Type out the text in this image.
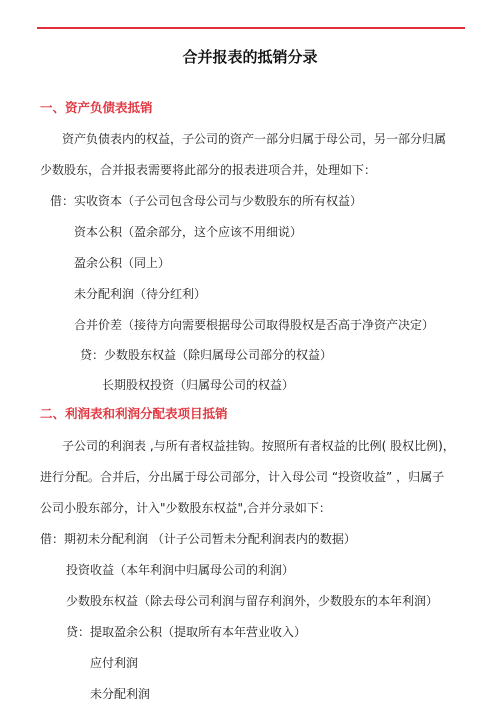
合并报表的抵销分录
一、资产负债表抵销
资产负债表内的权益，子公司的资产一部分归属于母公司，另一部分归属
少数股东，合并报表需要将此部分的报表进项合并，处理如下：
借：实收资本（子公司包含母公司与少数股东的所有权益）
资本公积（盈余部分，这个应该不用细说）
盈余公积（同上）
未分配利润（待分红利）
合并价差（接待方向需要根据母公司取得股权是否高于净资产决定）
贷：少数股东权益（除归属母公司部分的权益）
长期股权投资（归属母公司的权益）
二、利润表和利润分配表项目抵销
子公司的利润表 ,与所有者权益挂钩。按照所有者权益的比例( 股权比例)，
进行分配。合并后，分出属于母公司部分，计入母公司 “投资收益” ，归属子
公司小股东部分，计入"少数股东权益",合并分录如下：
借：期初未分配利润 （计子公司暂未分配利润表内的数据）
投资收益（本年利润中归属母公司的利润）
少数股东权益（除去母公司利润与留存利润外，少数股东的本年利润）
贷：提取盈余公积（提取所有本年营业收入）
应付利润
未分配利润
